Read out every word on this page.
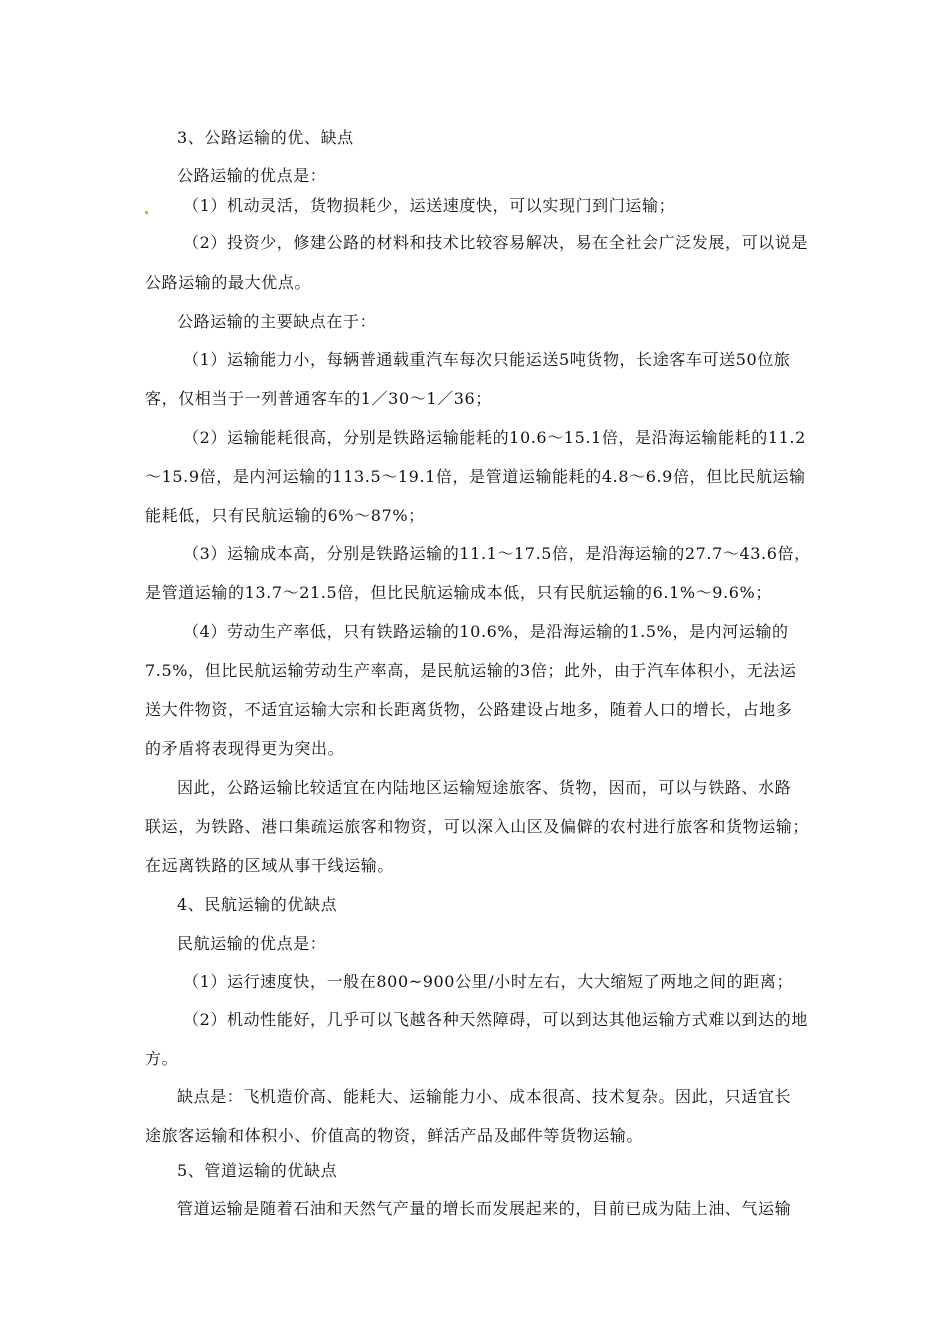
3、公路运输的优、缺点
公路运输的优点是：
（1）机动灵活，货物损耗少，运送速度快，可以实现门到门运输；
（2）投资少，修建公路的材料和技术比较容易解决，易在全社会广泛发展，可以说是
公路运输的最大优点。
公路运输的主要缺点在于：
（1）运输能力小，每辆普通载重汽车每次只能运送5吨货物，长途客车可送50位旅
客，仅相当于一列普通客车的1／30～1／36；
（2）运输能耗很高，分别是铁路运输能耗的10.6～15.1倍，是沿海运输能耗的11.2
～15.9倍，是内河运输的113.5～19.1倍，是管道运输能耗的4.8～6.9倍，但比民航运输
能耗低，只有民航运输的6%～87%；
（3）运输成本高，分别是铁路运输的11.1～17.5倍，是沿海运输的27.7～43.6倍，
是管道运输的13.7～21.5倍，但比民航运输成本低，只有民航运输的6.1%～9.6%；
（4）劳动生产率低，只有铁路运输的10.6%，是沿海运输的1.5%，是内河运输的
7.5%，但比民航运输劳动生产率高，是民航运输的3倍；此外，由于汽车体积小，无法运
送大件物资，不适宜运输大宗和长距离货物，公路建设占地多，随着人口的增长，占地多
的矛盾将表现得更为突出。
因此，公路运输比较适宜在内陆地区运输短途旅客、货物，因而，可以与铁路、水路
联运，为铁路、港口集疏运旅客和物资，可以深入山区及偏僻的农村进行旅客和货物运输；
在远离铁路的区域从事干线运输。
4、民航运输的优缺点
民航运输的优点是：
（1）运行速度快，一般在800~900公里/小时左右，大大缩短了两地之间的距离；
（2）机动性能好，几乎可以飞越各种天然障碍，可以到达其他运输方式难以到达的地
方。
缺点是：飞机造价高、能耗大、运输能力小、成本很高、技术复杂。因此，只适宜长
途旅客运输和体积小、价值高的物资，鲜活产品及邮件等货物运输。
5、管道运输的优缺点
管道运输是随着石油和天然气产量的增长而发展起来的，目前已成为陆上油、气运输
